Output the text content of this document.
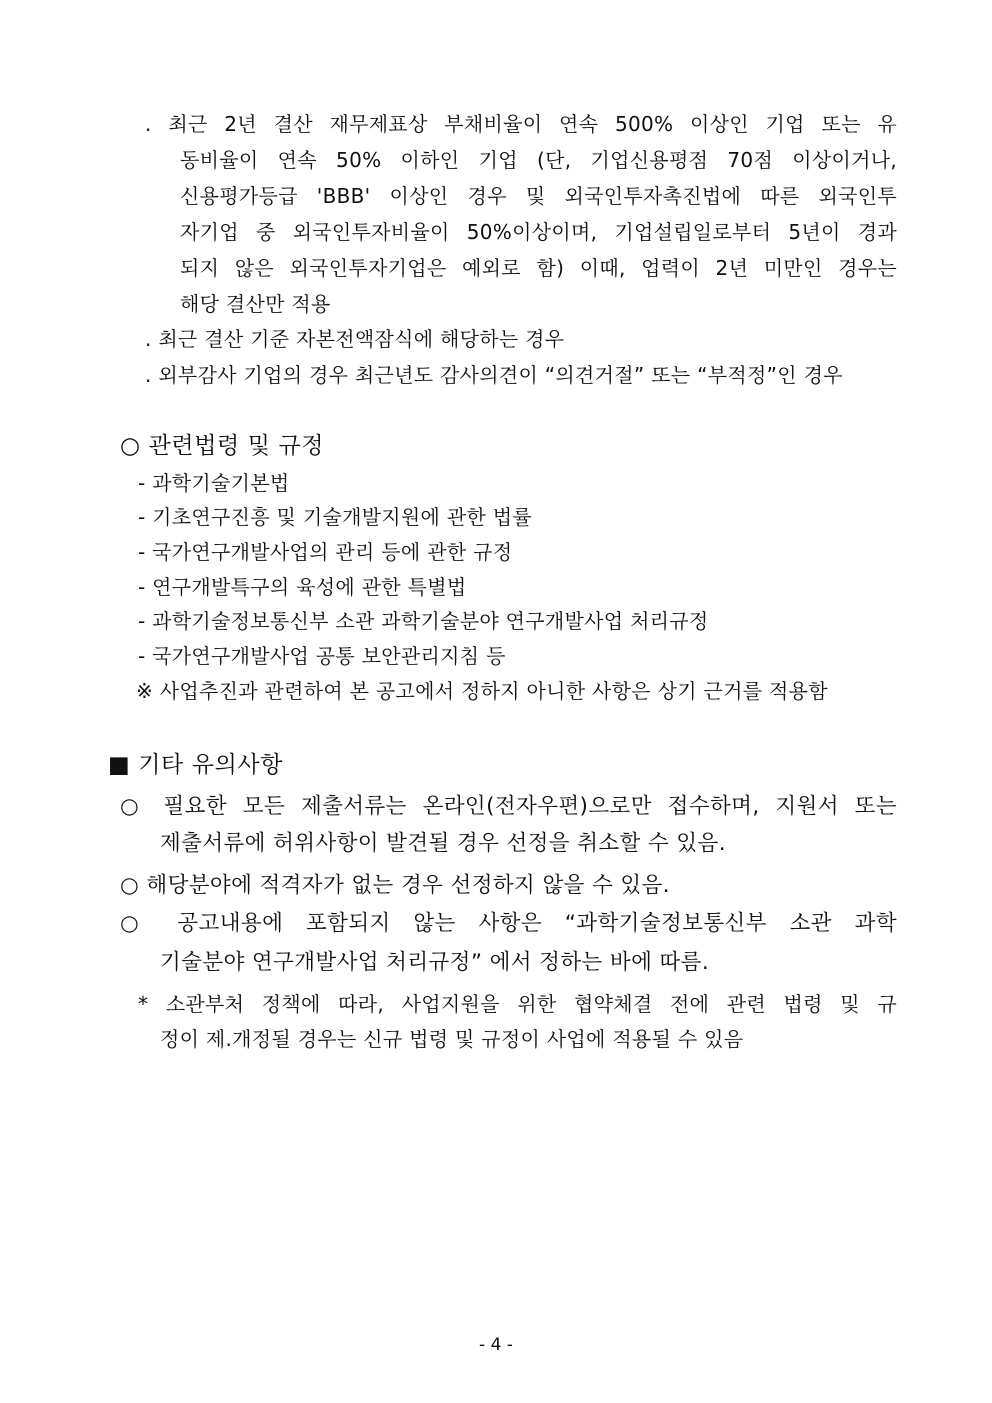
. 최근 2년 결산 재무제표상 부채비율이 연속 500% 이상인 기업 또는 유

동비율이 연속 50% 이하인 기업 (단, 기업신용평점 70점 이상이거나,

신용평가등급 'BBB' 이상인 경우 및 외국인투자촉진법에 따른 외국인투

자기업 중 외국인투자비율이 50%이상이며, 기업설립일로부터 5년이 경과

되지 않은 외국인투자기업은 예외로 함) 이때, 업력이 2년 미만인 경우는

해당 결산만 적용

. 최근 결산 기준 자본전액잠식에 해당하는 경우

. 외부감사 기업의 경우 최근년도 감사의견이 “의견거절” 또는 “부적정”인 경우

○ 관련법령 및 규정

- 과학기술기본법

- 기초연구진흥 및 기술개발지원에 관한 법률

- 국가연구개발사업의 관리 등에 관한 규정

- 연구개발특구의 육성에 관한 특별법

- 과학기술정보통신부 소관 과학기술분야 연구개발사업 처리규정

- 국가연구개발사업 공통 보안관리지침 등

※ 사업추진과 관련하여 본 공고에서 정하지 아니한 사항은 상기 근거를 적용함

■ 기타 유의사항

○ 필요한 모든 제출서류는 온라인(전자우편)으로만 접수하며, 지원서 또는

제출서류에 허위사항이 발견될 경우 선정을 취소할 수 있음.

○ 해당분야에 적격자가 없는 경우 선정하지 않을 수 있음.

○ 공고내용에 포함되지 않는 사항은 “과학기술정보통신부 소관 과학

기술분야 연구개발사업 처리규정” 에서 정하는 바에 따름.

* 소관부처 정책에 따라, 사업지원을 위한 협약체결 전에 관련 법령 및 규

정이 제.개정될 경우는 신규 법령 및 규정이 사업에 적용될 수 있음

- 4 -
